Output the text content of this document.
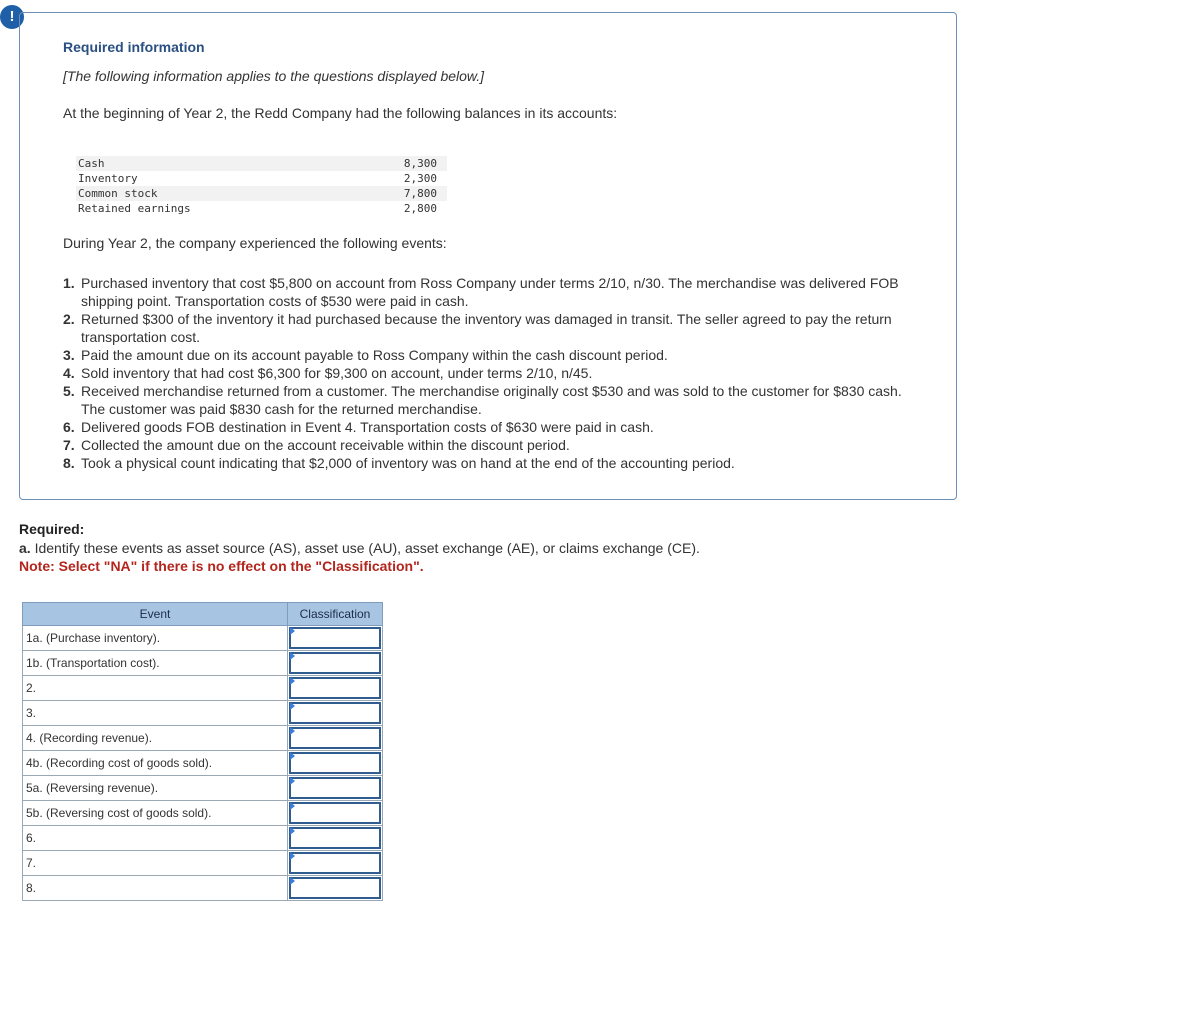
!
Required information
[The following information applies to the questions displayed below.]
At the beginning of Year 2, the Redd Company had the following balances in its accounts:
Cash	8,300
Inventory	2,300
Common stock	7,800
Retained earnings	2,800
During Year 2, the company experienced the following events:
1. Purchased inventory that cost $5,800 on account from Ross Company under terms 2/10, n/30. The merchandise was delivered FOB shipping point. Transportation costs of $530 were paid in cash.
2. Returned $300 of the inventory it had purchased because the inventory was damaged in transit. The seller agreed to pay the return transportation cost.
3. Paid the amount due on its account payable to Ross Company within the cash discount period.
4. Sold inventory that had cost $6,300 for $9,300 on account, under terms 2/10, n/45.
5. Received merchandise returned from a customer. The merchandise originally cost $530 and was sold to the customer for $830 cash. The customer was paid $830 cash for the returned merchandise.
6. Delivered goods FOB destination in Event 4. Transportation costs of $630 were paid in cash.
7. Collected the amount due on the account receivable within the discount period.
8. Took a physical count indicating that $2,000 of inventory was on hand at the end of the accounting period.
Required:
a. Identify these events as asset source (AS), asset use (AU), asset exchange (AE), or claims exchange (CE).
Note: Select "NA" if there is no effect on the "Classification".
Event	Classification
1a. (Purchase inventory).	

1b. (Transportation cost).	

2.	

3.	

4. (Recording revenue).	

4b. (Recording cost of goods sold).	

5a. (Reversing revenue).	

5b. (Reversing cost of goods sold).	

6.	

7.	

8.	
